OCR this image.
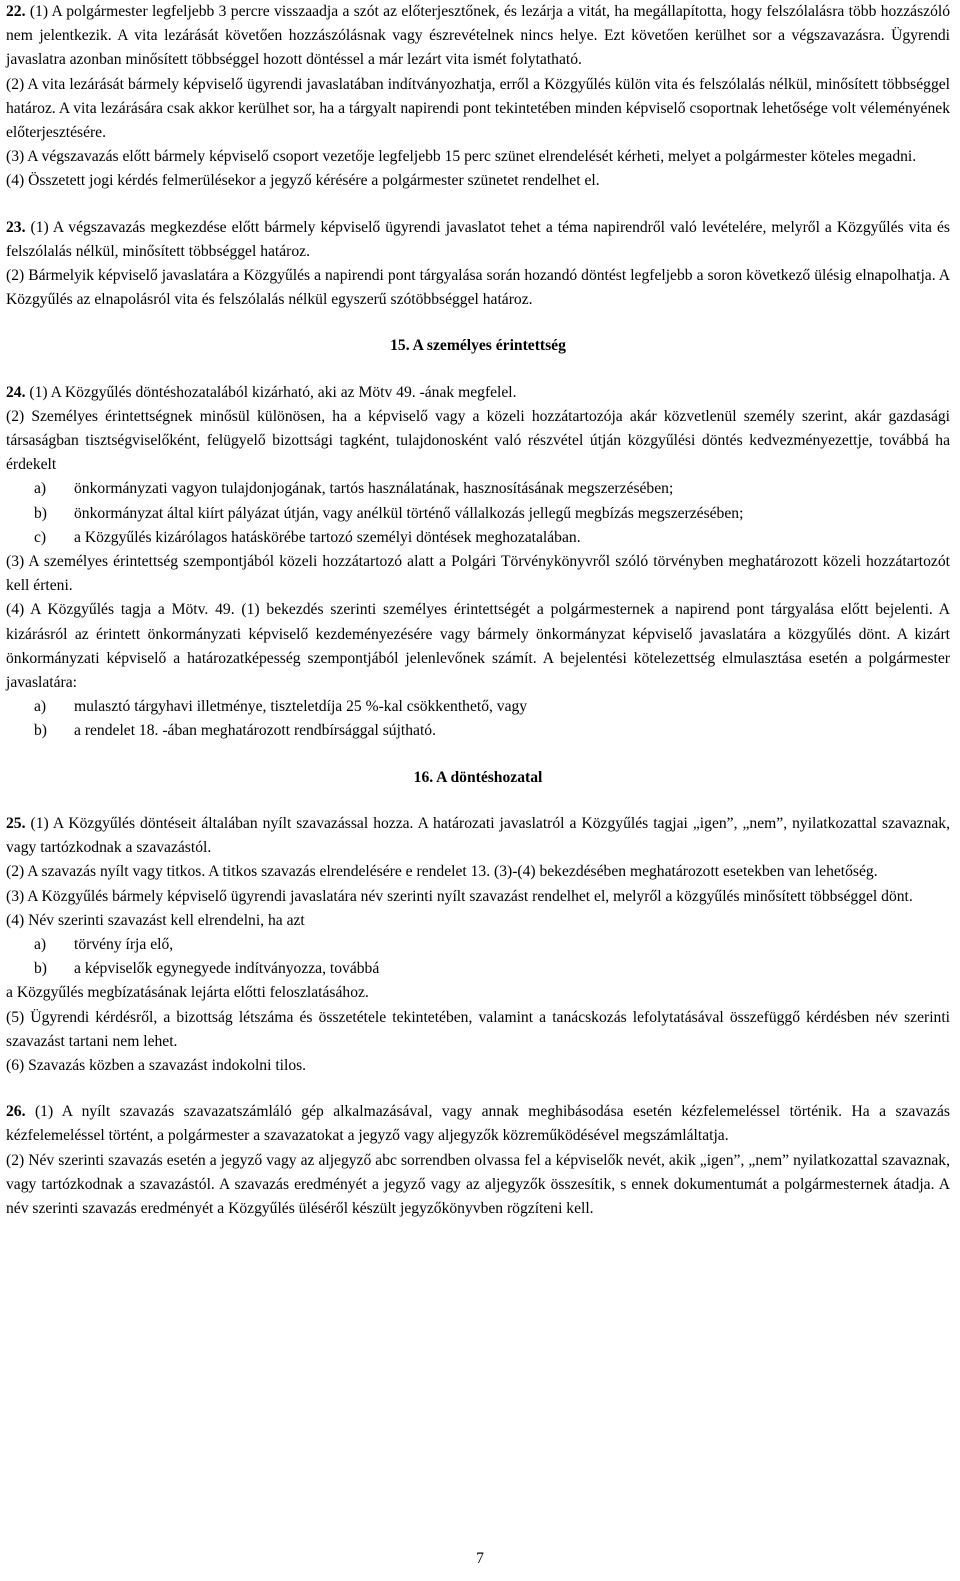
22. (1) A polgármester legfeljebb 3 percre visszaadja a szót az előterjesztőnek, és lezárja a vitát, ha megállapította, hogy felszólalásra több hozzászóló nem jelentkezik. A vita lezárását követően hozzászólásnak vagy észrevételnek nincs helye. Ezt követően kerülhet sor a végszavazásra. Ügyrendi javaslatra azonban minősített többséggel hozott döntéssel a már lezárt vita ismét folytatható.

(2) A vita lezárását bármely képviselő ügyrendi javaslatában indítványozhatja, erről a Közgyűlés külön vita és felszólalás nélkül, minősített többséggel határoz. A vita lezárására csak akkor kerülhet sor, ha a tárgyalt napirendi pont tekintetében minden képviselő csoportnak lehetősége volt véleményének előterjesztésére.

(3) A végszavazás előtt bármely képviselő csoport vezetője legfeljebb 15 perc szünet elrendelését kérheti, melyet a polgármester köteles megadni.

(4) Összetett jogi kérdés felmerülésekor a jegyző kérésére a polgármester szünetet rendelhet el.

23. (1) A végszavazás megkezdése előtt bármely képviselő ügyrendi javaslatot tehet a téma napirendről való levételére, melyről a Közgyűlés vita és felszólalás nélkül, minősített többséggel határoz.

(2) Bármelyik képviselő javaslatára a Közgyűlés a napirendi pont tárgyalása során hozandó döntést legfeljebb a soron következő ülésig elnapolhatja. A Közgyűlés az elnapolásról vita és felszólalás nélkül egyszerű szótöbbséggel határoz.

15. A személyes érintettség

24. (1) A Közgyűlés döntéshozatalából kizárható, aki az Mötv 49. -ának megfelel.

(2) Személyes érintettségnek minősül különösen, ha a képviselő vagy a közeli hozzátartozója akár közvetlenül személy szerint, akár gazdasági társaságban tisztségviselőként, felügyelő bizottsági tagként, tulajdonosként való részvétel útján közgyűlési döntés kedvezményezettje, továbbá ha érdekelt

a)	önkormányzati vagyon tulajdonjogának, tartós használatának, hasznosításának megszerzésében;
b)	önkormányzat által kiírt pályázat útján, vagy anélkül történő vállalkozás jellegű megbízás megszerzésében;
c)	a Közgyűlés kizárólagos hatáskörébe tartozó személyi döntések meghozatalában.

(3) A személyes érintettség szempontjából közeli hozzátartozó alatt a Polgári Törvénykönyvről szóló törvényben meghatározott közeli hozzátartozót kell érteni.

(4) A Közgyűlés tagja a Mötv. 49. (1) bekezdés szerinti személyes érintettségét a polgármesternek a napirend pont tárgyalása előtt bejelenti. A kizárásról az érintett önkormányzati képviselő kezdeményezésére vagy bármely önkormányzat képviselő javaslatára a közgyűlés dönt. A kizárt önkormányzati képviselő a határozatképesség szempontjából jelenlevőnek számít. A bejelentési kötelezettség elmulasztása esetén a polgármester javaslatára:

a)	mulasztó tárgyhavi illetménye, tiszteletdíja 25 %-kal csökkenthető, vagy
b)	a rendelet 18. -ában meghatározott rendbírsággal sújtható.

16. A döntéshozatal

25. (1) A Közgyűlés döntéseit általában nyílt szavazással hozza. A határozati javaslatról a Közgyűlés tagjai „igen”, „nem”, nyilatkozattal szavaznak, vagy tartózkodnak a szavazástól.

(2) A szavazás nyílt vagy titkos. A titkos szavazás elrendelésére e rendelet 13. (3)-(4) bekezdésében meghatározott esetekben van lehetőség.

(3) A Közgyűlés bármely képviselő ügyrendi javaslatára név szerinti nyílt szavazást rendelhet el, melyről a közgyűlés minősített többséggel dönt.

(4) Név szerinti szavazást kell elrendelni, ha azt

a)	törvény írja elő,
b)	a képviselők egynegyede indítványozza, továbbá

a Közgyűlés megbízatásának lejárta előtti feloszlatásához.

(5) Ügyrendi kérdésről, a bizottság létszáma és összetétele tekintetében, valamint a tanácskozás lefolytatásával összefüggő kérdésben név szerinti szavazást tartani nem lehet.

(6) Szavazás közben a szavazást indokolni tilos.

26. (1) A nyílt szavazás szavazatszámláló gép alkalmazásával, vagy annak meghibásodása esetén kézfelemeléssel történik. Ha a szavazás kézfelemeléssel történt, a polgármester a szavazatokat a jegyző vagy aljegyzők közreműködésével megszámláltatja.

(2) Név szerinti szavazás esetén a jegyző vagy az aljegyző abc sorrendben olvassa fel a képviselők nevét, akik „igen”, „nem” nyilatkozattal szavaznak, vagy tartózkodnak a szavazástól. A szavazás eredményét a jegyző vagy az aljegyzők összesítik, s ennek dokumentumát a polgármesternek átadja. A név szerinti szavazás eredményét a Közgyűlés üléséről készült jegyzőkönyvben rögzíteni kell.

7
